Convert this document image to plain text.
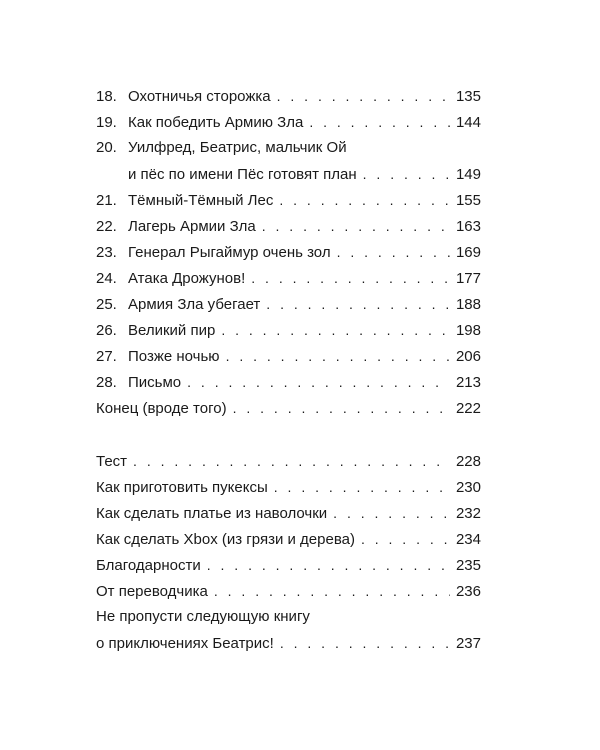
18. Охотничья сторожка . . .	135
19. Как победить Армию Зла . . .	144
20. Уилфред, Беатрис, мальчик Ой
и пёс по имени Пёс готовят план . . .	149
21. Тёмный-Тёмный Лес . . .	155
22. Лагерь Армии Зла . . .	163
23. Генерал Рыгаймур очень зол . . .	169
24. Атака Дрожунов! . . .	177
25. Армия Зла убегает . . .	188
26. Великий пир . . .	198
27. Позже ночью . . .	206
28. Письмо . . .	213
Конец (вроде того) . . .	222
Тест . . .	228
Как приготовить пукексы . . .	230
Как сделать платье из наволочки . . .	232
Как сделать Xbox (из грязи и дерева) . . .	234
Благодарности . . .	235
От переводчика . . .	236
Не пропусти следующую книгу
о приключениях Беатрис! . . .	237
